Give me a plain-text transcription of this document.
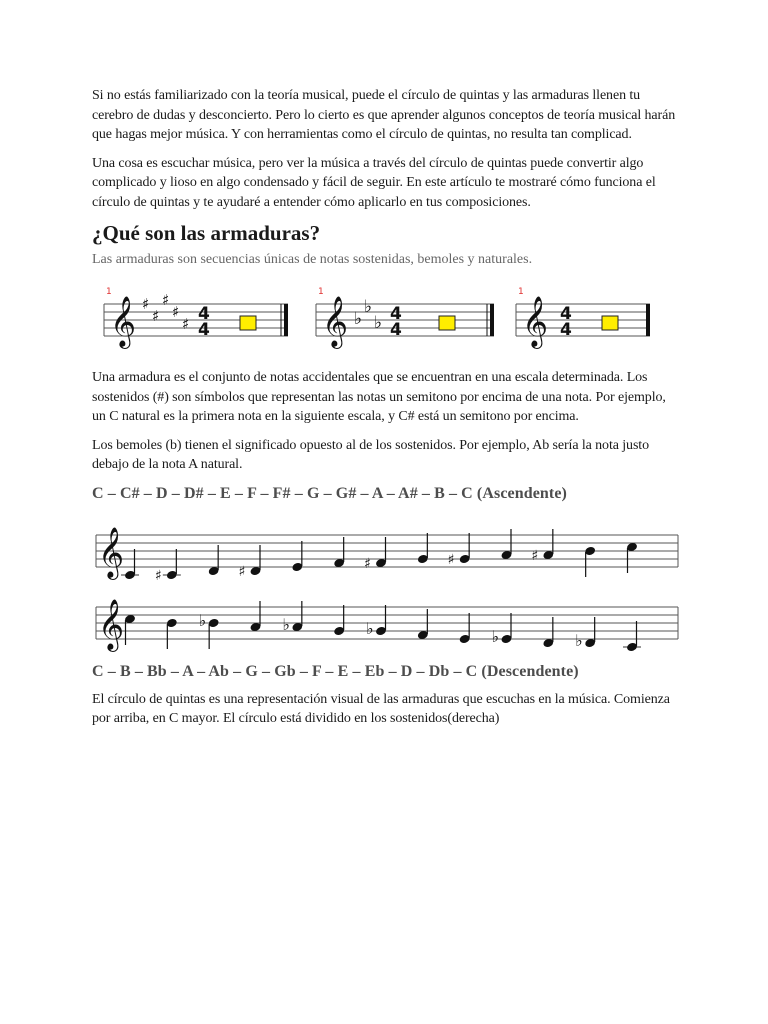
Si no estás familiarizado con la teoría musical, puede el círculo de quintas y las armaduras llenen tu cerebro de dudas y desconcierto. Pero lo cierto es que aprender algunos conceptos de teoría musical harán que hagas mejor música. Y con herramientas como el círculo de quintas, no resulta tan complicad.

Una cosa es escuchar música, pero ver la música a través del círculo de quintas puede convertir algo complicado y lioso en algo condensado y fácil de seguir. En este artículo te mostraré cómo funciona el círculo de quintas y te ayudaré a entender cómo aplicarlo en tus composiciones.

¿Qué son las armaduras?

Las armaduras son secuencias únicas de notas sostenidas, bemoles y naturales.

1
𝄞 ♯
♯
♯
♯
♯ 4
4
1
𝄞 ♭
♭
♭ 4
4
1
𝄞 4
4

Una armadura es el conjunto de notas accidentales que se encuentran en una escala determinada. Los sostenidos (#) son símbolos que representan las notas un semitono por encima de una nota. Por ejemplo, un C natural es la primera nota en la siguiente escala, y C# está un semitono por encima.

Los bemoles (b) tienen el significado opuesto al de los sostenidos. Por ejemplo, Ab sería la nota justo debajo de la nota A natural.

C – C# – D – D# – E – F – F# – G – G# – A – A# – B – C (Ascendente)
𝄞 ♯	♯	♯	♯	♯
𝄞	♭	♭	♭	♭	♭
C – B – Bb – A – Ab – G – Gb – F – E – Eb – D – Db – C (Descendente)

El círculo de quintas es una representación visual de las armaduras que escuchas en la música. Comienza por arriba, en C mayor. El círculo está dividido en los sostenidos(derecha)
